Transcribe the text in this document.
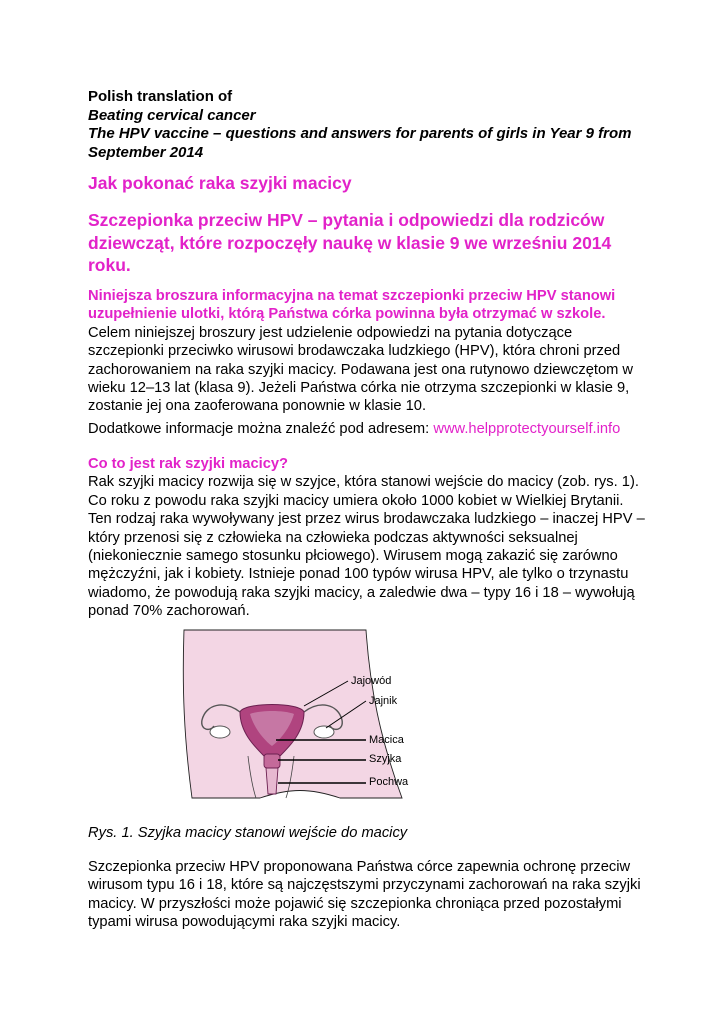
Polish translation of
Beating cervical cancer
The HPV vaccine – questions and answers for parents of girls in Year 9 from September 2014
Jak pokonać raka szyjki macicy
Szczepionka przeciw HPV – pytania i odpowiedzi dla rodziców dziewcząt, które rozpoczęły naukę w klasie 9 we wrześniu 2014 roku.
Niniejsza broszura informacyjna na temat szczepionki przeciw HPV stanowi uzupełnienie ulotki, którą Państwa córka powinna była otrzymać w szkole.
Celem niniejszej broszury jest udzielenie odpowiedzi na pytania dotyczące szczepionki przeciwko wirusowi brodawczaka ludzkiego (HPV), która chroni przed zachorowaniem na raka szyjki macicy. Podawana jest ona rutynowo dziewczętom w wieku 12–13 lat (klasa 9). Jeżeli Państwa córka nie otrzyma szczepionki w klasie 9, zostanie jej ona zaoferowana ponownie w klasie 10.
Dodatkowe informacje można znaleźć pod adresem: www.helpprotectyourself.info
Co to jest rak szyjki macicy?
Rak szyjki macicy rozwija się w szyjce, która stanowi wejście do macicy (zob. rys. 1). Co roku z powodu raka szyjki macicy umiera około 1000 kobiet w Wielkiej Brytanii. Ten rodzaj raka wywoływany jest przez wirus brodawczaka ludzkiego – inaczej HPV – który przenosi się z człowieka na człowieka podczas aktywności seksualnej (niekoniecznie samego stosunku płciowego). Wirusem mogą zakazić się zarówno mężczyźni, jak i kobiety. Istnieje ponad 100 typów wirusa HPV, ale tylko o trzynastu wiadomo, że powodują raka szyjki macicy, a zaledwie dwa – typy 16 i 18 – wywołują ponad 70% zachorowań.
Jajowód
Jajnik
Macica
Szyjka
Pochwa
Rys. 1. Szyjka macicy stanowi wejście do macicy
Szczepionka przeciw HPV proponowana Państwa córce zapewnia ochronę przeciw wirusom typu 16 i 18, które są najczęstszymi przyczynami zachorowań na raka szyjki macicy. W przyszłości może pojawić się szczepionka chroniąca przed pozostałymi typami wirusa powodującymi raka szyjki macicy.
